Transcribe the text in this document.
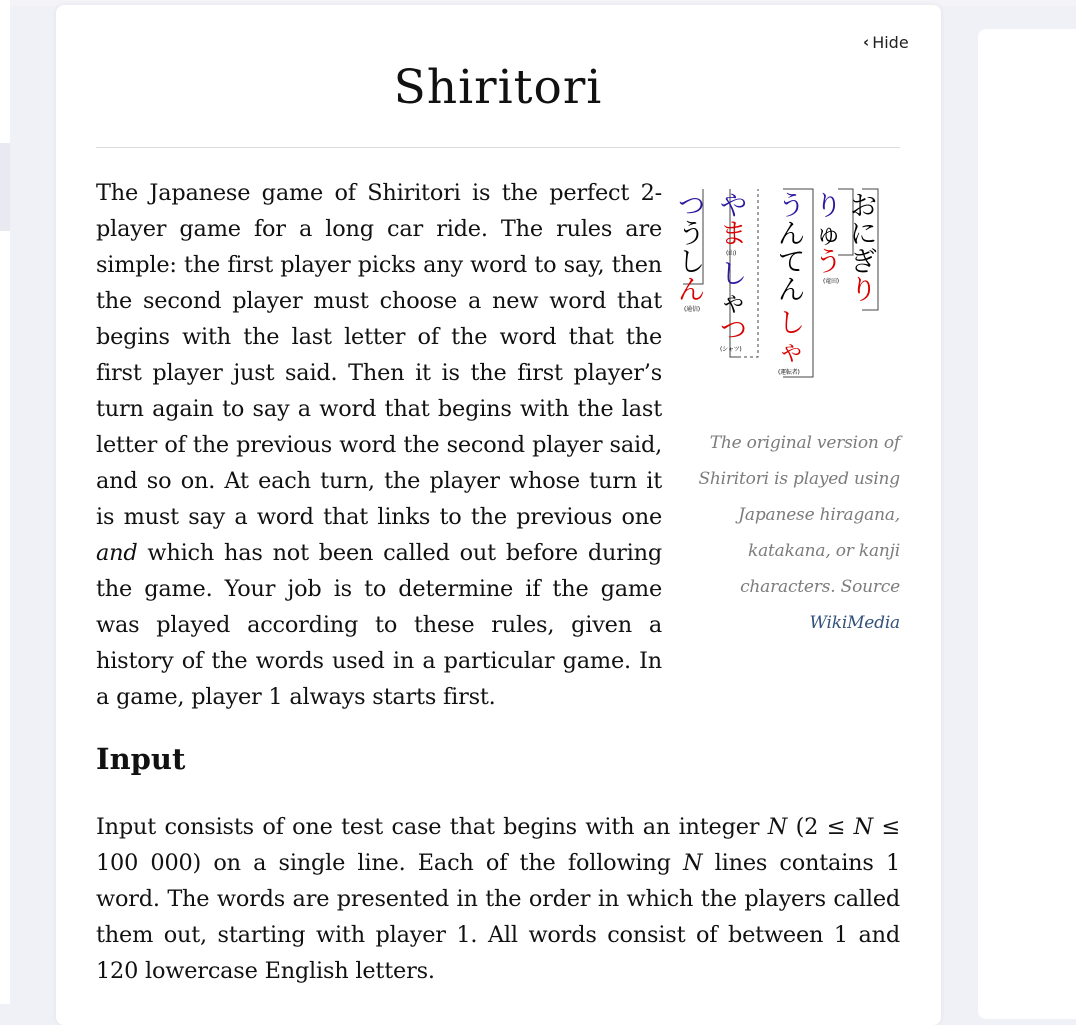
‹ Hide
Shiritori
お
に
ぎ
り
り
ゅ
う
(竜田)
う
ん
て
ん
し
ゃ
(運転者)
や
ま
(山)
し
ゃ
つ
(シャツ)
つ
う
し
ん
(通信)
The original version of Shiritori is played using Japanese hiragana, katakana, or kanji characters. Source WikiMedia
The Japanese game of Shiritori is the perfect 2-player game for a long car ride. The rules are simple: the first player picks any word to say, then the second player must choose a new word that begins with the last letter of the word that the first player just said. Then it is the first player’s turn again to say a word that begins with the last letter of the previous word the second player said, and so on. At each turn, the player whose turn it is must say a word that links to the previous one and which has not been called out before during the game. Your job is to determine if the game was played according to these rules, given a history of the words used in a particular game. In a game, player 1 always starts first.
Input

Input consists of one test case that begins with an integer N (2 ≤ N ≤ 100 000) on a single line. Each of the following N lines contains 1 word. The words are presented in the order in which the players called them out, starting with player 1. All words consist of between 1 and 120 lowercase English letters.
